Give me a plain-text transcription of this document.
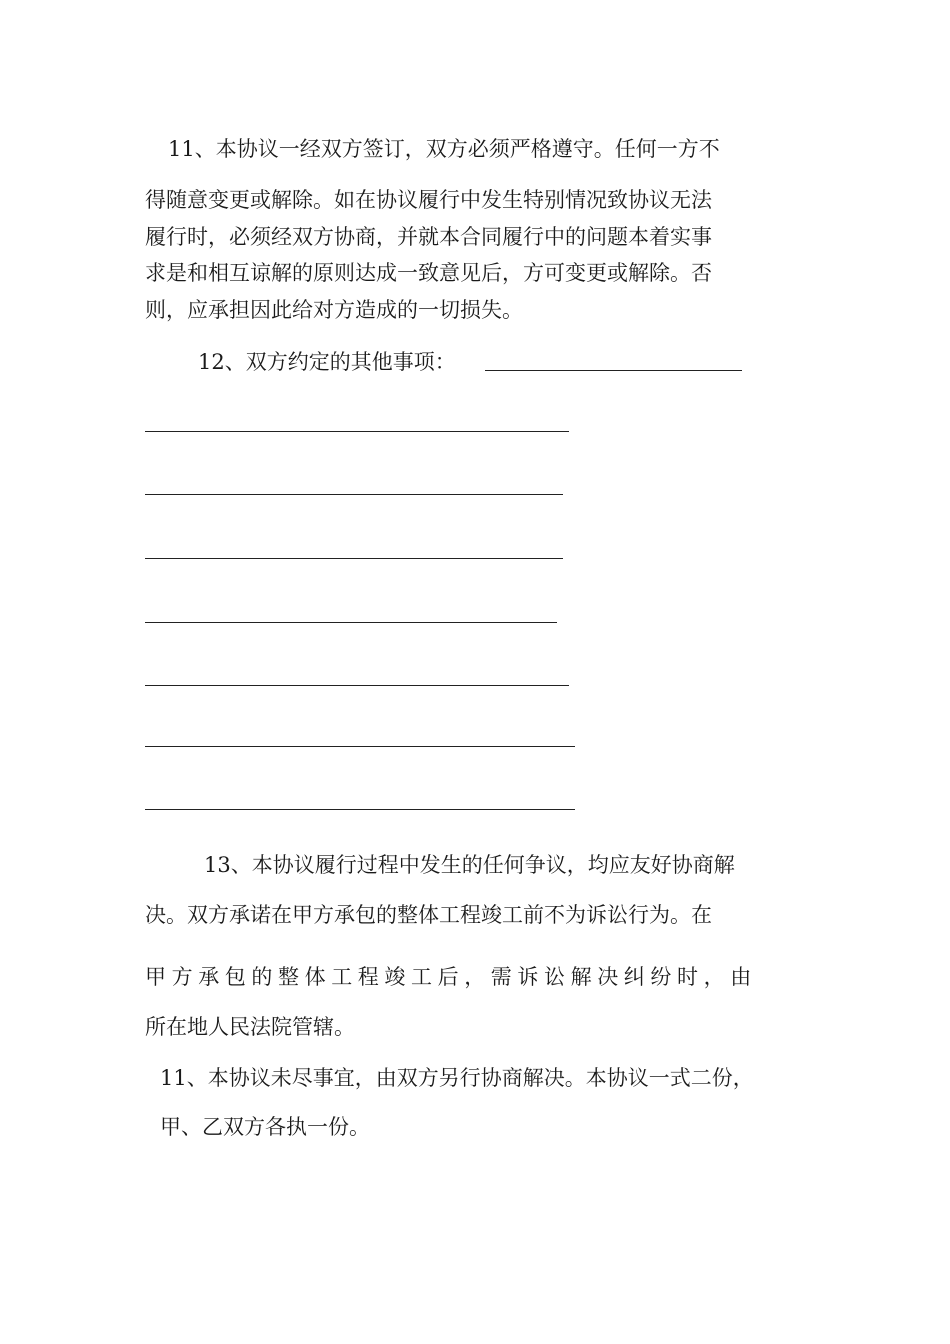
11、本协议一经双方签订，双方必须严格遵守。任何一方不
得随意变更或解除。如在协议履行中发生特别情况致协议无法
履行时，必须经双方协商，并就本合同履行中的问题本着实事
求是和相互谅解的原则达成一致意见后，方可变更或解除。否
则，应承担因此给对方造成的一切损失。
12、双方约定的其他事项：
13、本协议履行过程中发生的任何争议，均应友好协商解
决。双方承诺在甲方承包的整体工程竣工前不为诉讼行为。在
甲方承包的整体工程竣工后，需诉讼解决纠纷时，由
所在地人民法院管辖。
11、本协议未尽事宜，由双方另行协商解决。本协议一式二份，
甲、乙双方各执一份。
